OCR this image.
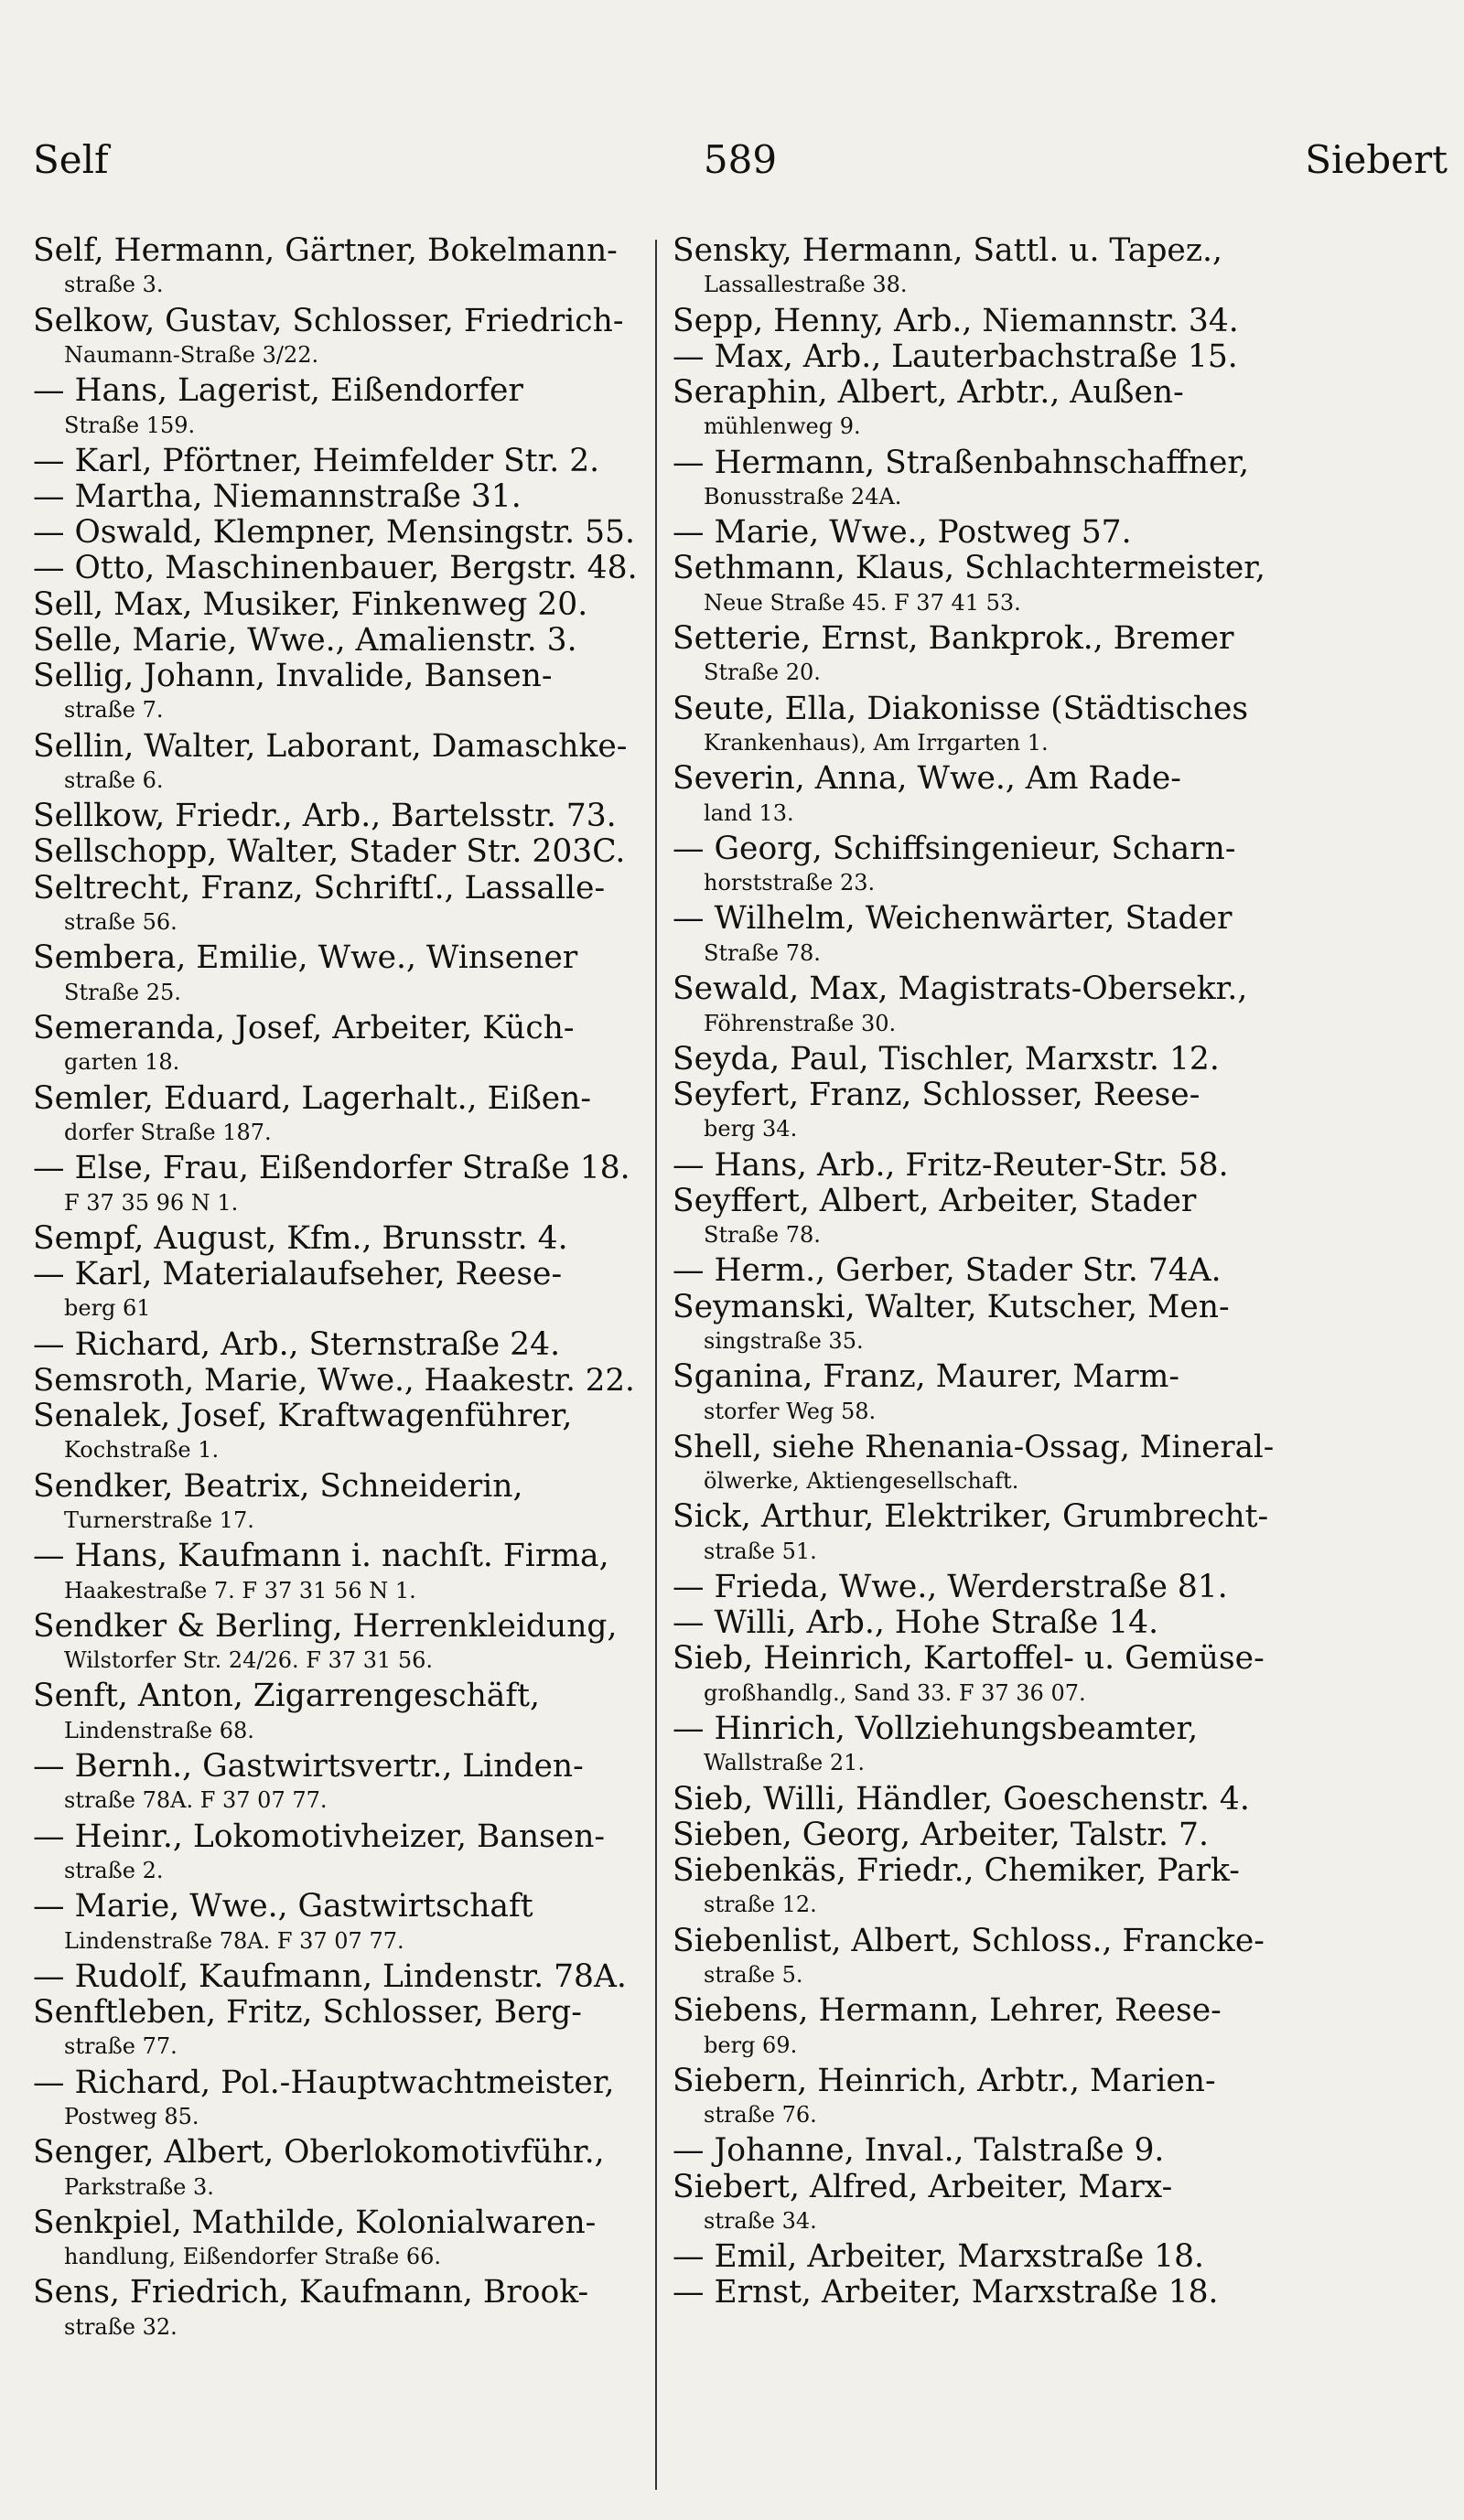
Self	589	Siebert
Self, Hermann, Gärtner, Bokelmann-
straße 3.
Selkow, Gustav, Schlosser, Friedrich-
Naumann-Straße 3/22.
— Hans, Lagerist, Eißendorfer
Straße 159.
— Karl, Pförtner, Heimfelder Str. 2.
— Martha, Niemannstraße 31.
— Oswald, Klempner, Mensingstr. 55.
— Otto, Maschinenbauer, Bergstr. 48.
Sell, Max, Musiker, Finkenweg 20.
Selle, Marie, Wwe., Amalienstr. 3.
Sellig, Johann, Invalide, Bansen-
straße 7.
Sellin, Walter, Laborant, Damaschke-
straße 6.
Sellkow, Friedr., Arb., Bartelsstr. 73.
Sellschopp, Walter, Stader Str. 203C.
Seltrecht, Franz, Schriftſ., Lassalle-
straße 56.
Sembera, Emilie, Wwe., Winsener
Straße 25.
Semeranda, Josef, Arbeiter, Küch-
garten 18.
Semler, Eduard, Lagerhalt., Eißen-
dorfer Straße 187.
— Else, Frau, Eißendorfer Straße 18.
F 37 35 96 N 1.
Sempf, August, Kfm., Brunsstr. 4.
— Karl, Materialaufseher, Reese-
berg 61
— Richard, Arb., Sternstraße 24.
Semsroth, Marie, Wwe., Haakestr. 22.
Senalek, Josef, Kraftwagenführer,
Kochstraße 1.
Sendker, Beatrix, Schneiderin,
Turnerstraße 17.
— Hans, Kaufmann i. nachſt. Firma,
Haakestraße 7. F 37 31 56 N 1.
Sendker & Berling, Herrenkleidung,
Wilstorfer Str. 24/26. F 37 31 56.
Senft, Anton, Zigarrengeschäft,
Lindenstraße 68.
— Bernh., Gastwirtsvertr., Linden-
straße 78A. F 37 07 77.
— Heinr., Lokomotivheizer, Bansen-
straße 2.
— Marie, Wwe., Gastwirtschaft
Lindenstraße 78A. F 37 07 77.
— Rudolf, Kaufmann, Lindenstr. 78A.
Senftleben, Fritz, Schlosser, Berg-
straße 77.
— Richard, Pol.-Hauptwachtmeister,
Postweg 85.
Senger, Albert, Oberlokomotivführ.,
Parkstraße 3.
Senkpiel, Mathilde, Kolonialwaren-
handlung, Eißendorfer Straße 66.
Sens, Friedrich, Kaufmann, Brook-
straße 32.
Sensky, Hermann, Sattl. u. Tapez.,
Lassallestraße 38.
Sepp, Henny, Arb., Niemannstr. 34.
— Max, Arb., Lauterbachstraße 15.
Seraphin, Albert, Arbtr., Außen-
mühlenweg 9.
— Hermann, Straßenbahnschaffner,
Bonusstraße 24A.
— Marie, Wwe., Postweg 57.
Sethmann, Klaus, Schlachtermeister,
Neue Straße 45. F 37 41 53.
Setterie, Ernst, Bankprok., Bremer
Straße 20.
Seute, Ella, Diakonisse (Städtisches
Krankenhaus), Am Irrgarten 1.
Severin, Anna, Wwe., Am Rade-
land 13.
— Georg, Schiffsingenieur, Scharn-
horststraße 23.
— Wilhelm, Weichenwärter, Stader
Straße 78.
Sewald, Max, Magistrats-Obersekr.,
Föhrenstraße 30.
Seyda, Paul, Tischler, Marxstr. 12.
Seyfert, Franz, Schlosser, Reese-
berg 34.
— Hans, Arb., Fritz-Reuter-Str. 58.
Seyffert, Albert, Arbeiter, Stader
Straße 78.
— Herm., Gerber, Stader Str. 74A.
Seymanski, Walter, Kutscher, Men-
singstraße 35.
Sganina, Franz, Maurer, Marm-
storfer Weg 58.
Shell, siehe Rhenania-Ossag, Mineral-
ölwerke, Aktiengesellschaft.
Sick, Arthur, Elektriker, Grumbrecht-
straße 51.
— Frieda, Wwe., Werderstraße 81.
— Willi, Arb., Hohe Straße 14.
Sieb, Heinrich, Kartoffel- u. Gemüse-
großhandlg., Sand 33. F 37 36 07.
— Hinrich, Vollziehungsbeamter,
Wallstraße 21.
Sieb, Willi, Händler, Goeschenstr. 4.
Sieben, Georg, Arbeiter, Talstr. 7.
Siebenkäs, Friedr., Chemiker, Park-
straße 12.
Siebenlist, Albert, Schloss., Francke-
straße 5.
Siebens, Hermann, Lehrer, Reese-
berg 69.
Siebern, Heinrich, Arbtr., Marien-
straße 76.
— Johanne, Inval., Talstraße 9.
Siebert, Alfred, Arbeiter, Marx-
straße 34.
— Emil, Arbeiter, Marxstraße 18.
— Ernst, Arbeiter, Marxstraße 18.
